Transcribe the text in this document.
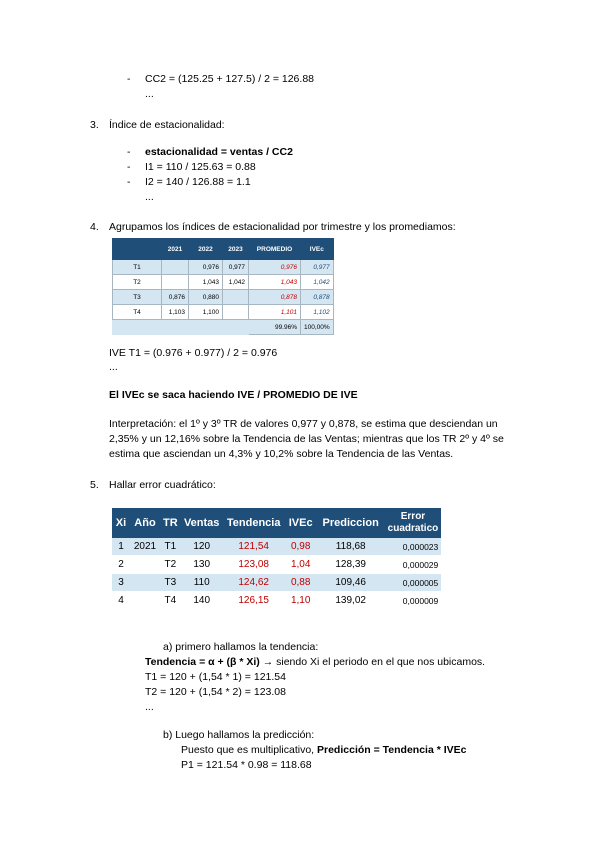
- CC2 = (125.25 + 127.5) / 2 = 126.88
...
3. Índice de estacionalidad:
- estacionalidad = ventas / CC2
- I1 = 110 / 125.63 = 0.88
- I2 = 140 / 126.88 = 1.1
...
4. Agrupamos los índices de estacionalidad por trimestre y los promediamos:
	2021	2022	2023	PROMEDIO	IVEc
T1		0,976	0,977	0,976	0,977
T2		1,043	1,042	1,043	1,042
T3	0,876	0,880		0,878	0,878
T4	1,103	1,100		1,101	1,102
				99.96%	100,00%
IVE T1 = (0.976 + 0.977) / 2 = 0.976
...
El IVEc se saca haciendo IVE / PROMEDIO DE IVE
Interpretación: el 1º y 3º TR de valores 0,977 y 0,878, se estima que desciendan un
2,35% y un 12,16% sobre la Tendencia de las Ventas; mientras que los TR 2º y 4º se
estima que asciendan un 4,3% y 10,2% sobre la Tendencia de las Ventas.
5. Hallar error cuadrático:
Xi	Año	TR	Ventas	Tendencia	IVEc	Prediccion	Error cuadratico
1	2021	T1	120	121,54	0,98	118,68	0,000023
2		T2	130	123,08	1,04	128,39	0,000029
3		T3	110	124,62	0,88	109,46	0,000005
4		T4	140	126,15	1,10	139,02	0,000009
a) primero hallamos la tendencia:
Tendencia = α + (β * Xi) → siendo Xi el periodo en el que nos ubicamos.
T1 = 120 + (1,54 * 1) = 121.54
T2 = 120 + (1,54 * 2) = 123.08
...
b) Luego hallamos la predicción:
Puesto que es multiplicativo, Predicción = Tendencia * IVEc
P1 = 121.54 * 0.98 = 118.68
